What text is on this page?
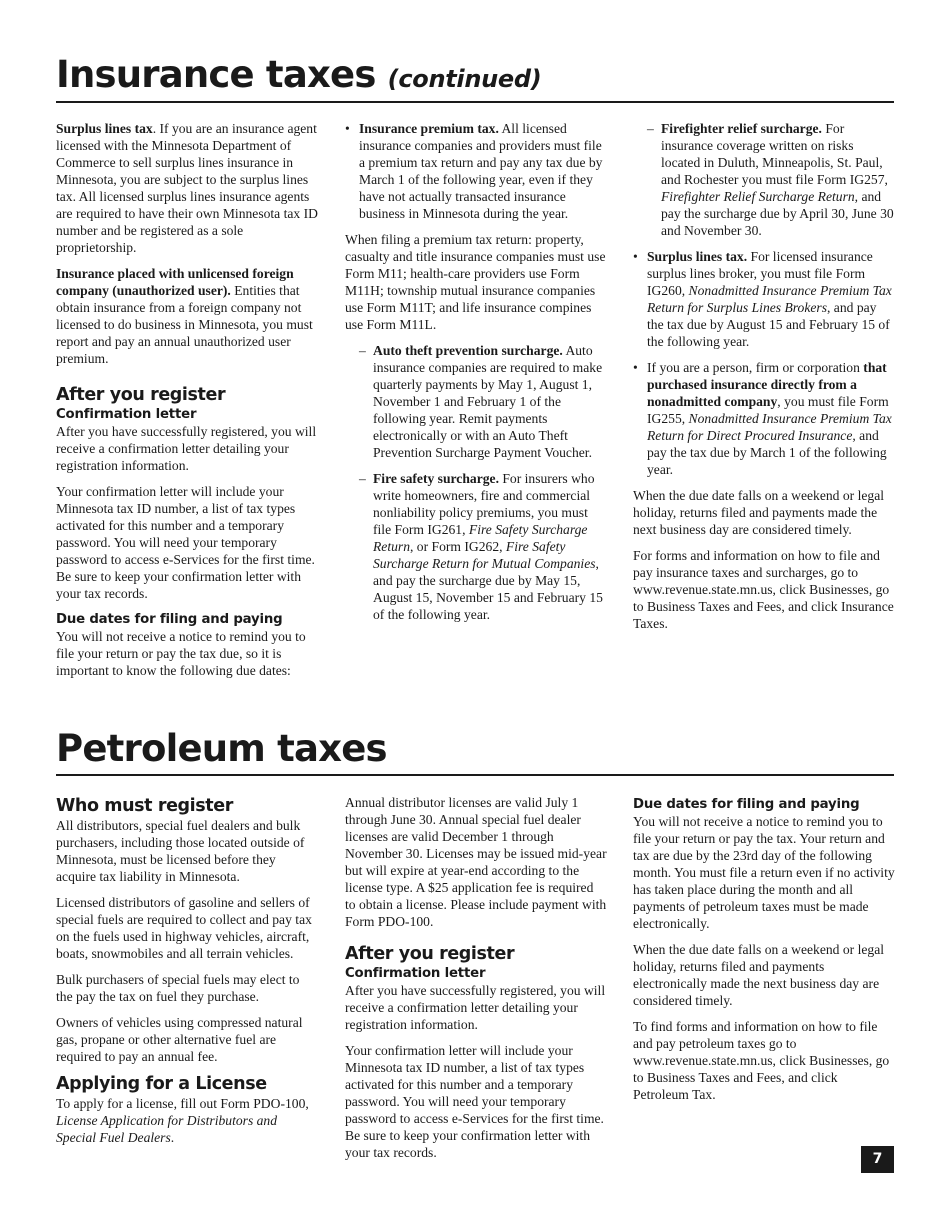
Insurance taxes (continued)

Surplus lines tax. If you are an insurance agent licensed with the Minnesota Department of Commerce to sell surplus lines insurance in Minnesota, you are subject to the surplus lines tax. All licensed surplus lines insurance agents are required to have their own Minnesota tax ID number and be registered as a sole proprietorship.

Insurance placed with unlicensed foreign company (unauthorized user). Entities that obtain insurance from a foreign company not licensed to do business in Minnesota, you must report and pay an annual unauthorized user premium.

After you register
Confirmation letter

After you have successfully registered, you will receive a confirmation letter detailing your registration information.

Your confirmation letter will include your Minnesota tax ID number, a list of tax types activated for this number and a temporary password. You will need your temporary password to access e-Services for the first time. Be sure to keep your confirmation letter with your tax records.

Due dates for filing and paying

You will not receive a notice to remind you to file your return or pay the tax due, so it is important to know the following due dates:

• Insurance premium tax. All licensed insurance companies and providers must file a premium tax return and pay any tax due by March 1 of the following year, even if they have not actually transacted insurance business in Minnesota during the year.

When filing a premium tax return: property, casualty and title insurance companies must use Form M11; health-care providers use Form M11H; township mutual insurance companies use Form M11T; and life insurance compines use Form M11L.

– Auto theft prevention surcharge. Auto insurance companies are required to make quarterly payments by May 1, August 1, November 1 and February 1 of the following year. Remit payments electronically or with an Auto Theft Prevention Surcharge Payment Voucher.
– Fire safety surcharge. For insurers who write homeowners, fire and commercial nonliability policy premiums, you must file Form IG261, Fire Safety Surcharge Return, or Form IG262, Fire Safety Surcharge Return for Mutual Companies, and pay the surcharge due by May 15, August 15, November 15 and February 15 of the following year.
– Firefighter relief surcharge. For insurance coverage written on risks located in Duluth, Minneapolis, St. Paul, and Rochester you must file Form IG257, Firefighter Relief Surcharge Return, and pay the surcharge due by April 30, June 30 and November 30.
• Surplus lines tax. For licensed insurance surplus lines broker, you must file Form IG260, Nonadmitted Insurance Premium Tax Return for Surplus Lines Brokers, and pay the tax due by August 15 and February 15 of the following year.
• If you are a person, firm or corporation that purchased insurance directly from a nonadmitted company, you must file Form IG255, Nonadmitted Insurance Premium Tax Return for Direct Procured Insurance, and pay the tax due by March 1 of the following year.

When the due date falls on a weekend or legal holiday, returns filed and payments made the next business day are considered timely.

For forms and information on how to file and pay insurance taxes and surcharges, go to www.revenue.state.mn.us, click Businesses, go to Business Taxes and Fees, and click Insurance Taxes.

Petroleum taxes
Who must register

All distributors, special fuel dealers and bulk purchasers, including those located outside of Minnesota, must be licensed before they acquire tax liability in Minnesota.

Licensed distributors of gasoline and sellers of special fuels are required to collect and pay tax on the fuels used in highway vehicles, aircraft, boats, snowmobiles and all terrain vehicles.

Bulk purchasers of special fuels may elect to the pay the tax on fuel they purchase.

Owners of vehicles using compressed natural gas, propane or other alternative fuel are required to pay an annual fee.

Applying for a License

To apply for a license, fill out Form PDO-100, License Application for Distributors and Special Fuel Dealers.

Annual distributor licenses are valid July 1 through June 30. Annual special fuel dealer licenses are valid December 1 through November 30. Licenses may be issued mid-year but will expire at year-end according to the license type. A $25 application fee is required to obtain a license. Please include payment with Form PDO-100.

After you register
Confirmation letter

After you have successfully registered, you will receive a confirmation letter detailing your registration information.

Your confirmation letter will include your Minnesota tax ID number, a list of tax types activated for this number and a temporary password. You will need your temporary password to access e-Services for the first time. Be sure to keep your confirmation letter with your tax records.

Due dates for filing and paying

You will not receive a notice to remind you to file your return or pay the tax. Your return and tax are due by the 23rd day of the following month. You must file a return even if no activity has taken place during the month and all payments of petroleum taxes must be made electronically.

When the due date falls on a weekend or legal holiday, returns filed and payments electronically made the next business day are considered timely.

To find forms and information on how to file and pay petroleum taxes go to www.revenue.state.mn.us, click Businesses, go to Business Taxes and Fees, and click Petroleum Tax.

7
